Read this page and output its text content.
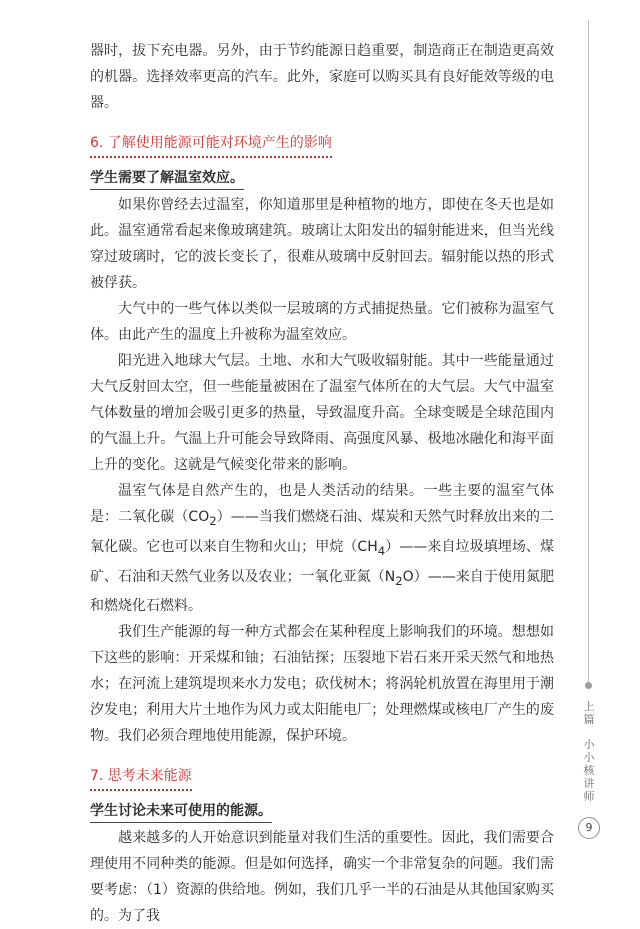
器时，拔下充电器。另外，由于节约能源日趋重要，制造商正在制造更高效的机器。选择效率更高的汽车。此外，家庭可以购买具有良好能效等级的电器。

6. 了解使用能源可能对环境产生的影响
学生需要了解温室效应。

如果你曾经去过温室，你知道那里是种植物的地方，即使在冬天也是如此。温室通常看起来像玻璃建筑。玻璃让太阳发出的辐射能进来，但当光线穿过玻璃时，它的波长变长了，很难从玻璃中反射回去。辐射能以热的形式被俘获。

大气中的一些气体以类似一层玻璃的方式捕捉热量。它们被称为温室气体。由此产生的温度上升被称为温室效应。

阳光进入地球大气层。土地、水和大气吸收辐射能。其中一些能量通过大气反射回太空，但一些能量被困在了温室气体所在的大气层。大气中温室气体数量的增加会吸引更多的热量，导致温度升高。全球变暖是全球范围内的气温上升。气温上升可能会导致降雨、高强度风暴、极地冰融化和海平面上升的变化。这就是气候变化带来的影响。

温室气体是自然产生的，也是人类活动的结果。一些主要的温室气体是：二氧化碳$(CO_2)——$当我们燃烧石油、煤炭和天然气时释放出来的二氧化碳。它也可以来自生物和火山；甲烷$(CH_4)——$来自垃圾填埋场、煤矿、石油和天然气业务以及农业；一氧化亚氮$(N_2O)——$来自于使用氮肥和燃烧化石燃料。

我们生产能源的每一种方式都会在某种程度上影响我们的环境。想想如下这些的影响：开采煤和铀；石油钻探；压裂地下岩石来开采天然气和地热水；在河流上建筑堤坝来水力发电；砍伐树木；将涡轮机放置在海里用于潮汐发电；利用大片土地作为风力或太阳能电厂；处理燃煤或核电厂产生的废物。我们必须合理地使用能源，保护环境。

7. 思考未来能源
学生讨论未来可使用的能源。

越来越多的人开始意识到能量对我们生活的重要性。因此，我们需要合理使用不同种类的能源。但是如何选择，确实一个非常复杂的问题。我们需要考虑：（1）资源的供给地。例如，我们几乎一半的石油是从其他国家购买的。为了我

上篇
小小核讲师
9
